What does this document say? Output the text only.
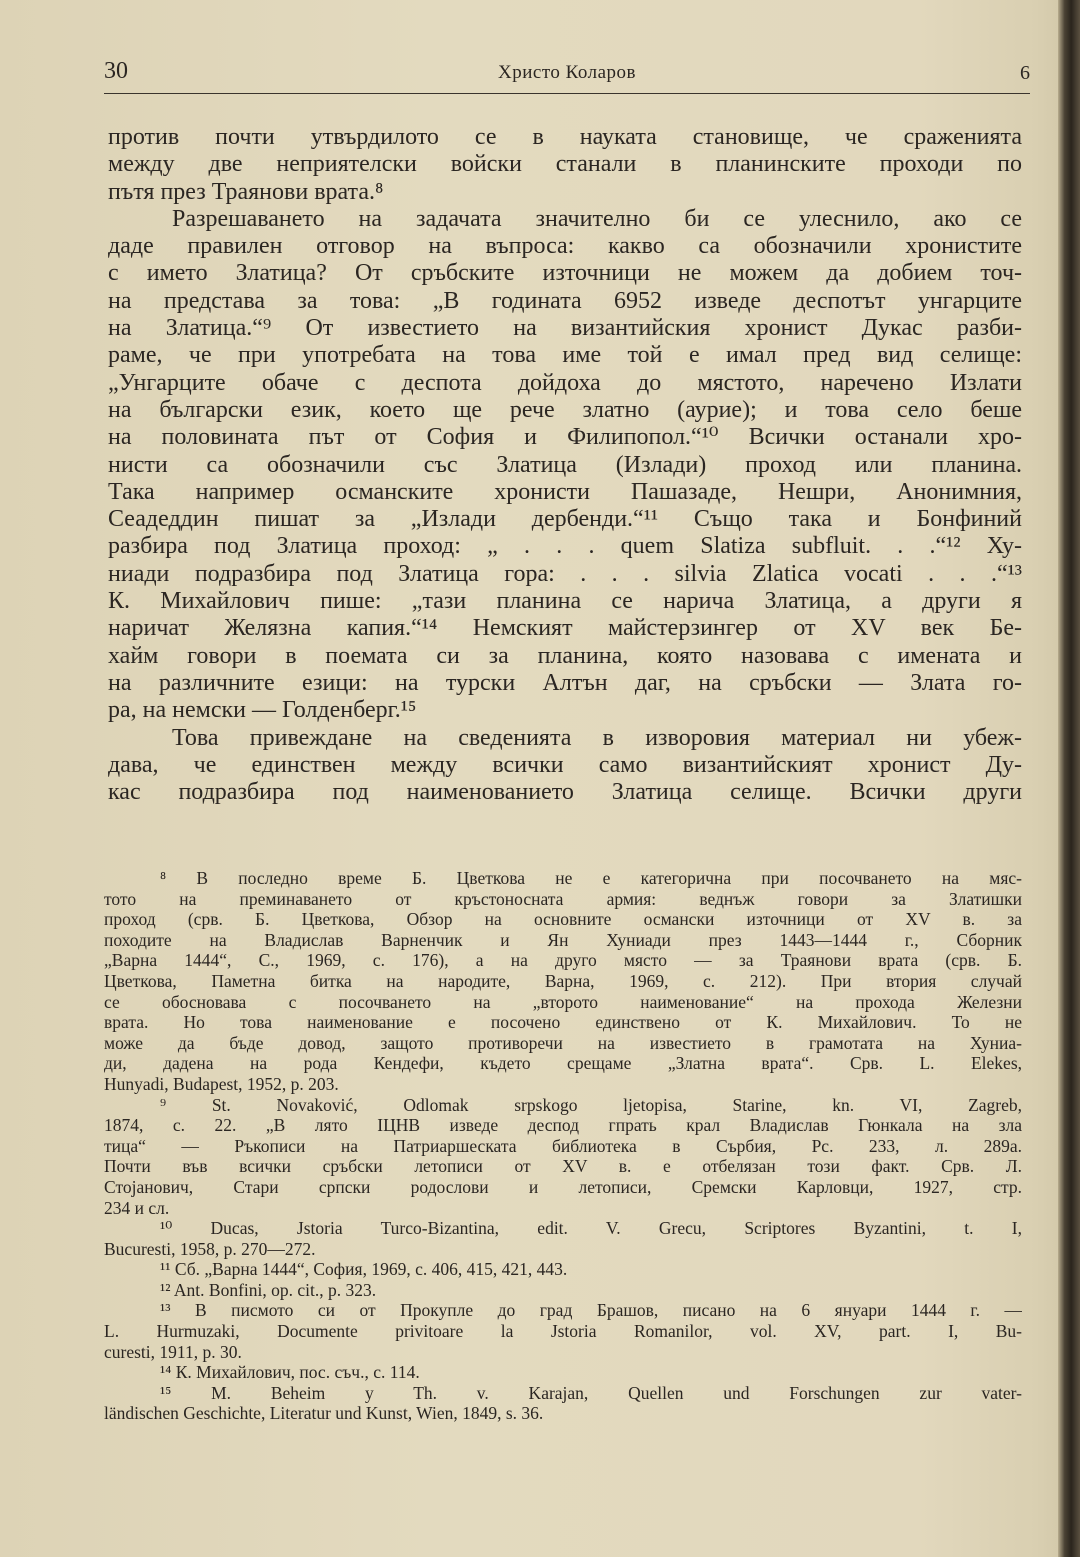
30	Христо Коларов	6
против почти утвърдилото се в науката становище, че сраженията
между две неприятелски войски станали в планинските проходи по
пътя през Траянови врата.⁸
Разрешаването на задачата значително би се улеснило, ако се
даде правилен отговор на въпроса: какво са обозначили хронистите
с името Златица? От сръбските източници не можем да добием точ-
на представа за това: „В годината 6952 изведе деспотът унгарците
на Златица.“⁹ От известието на византийския хронист Дукас разби-
раме, че при употребата на това име той е имал пред вид селище:
„Унгарците обаче с деспота дойдоха до мястото, наречено Излати
на български език, което ще рече златно (аурие); и това село беше
на половината път от София и Филипопол.“¹⁰ Всички останали хро-
нисти са обозначили със Златица (Излади) проход или планина.
Така например османските хронисти Пашазаде, Нешри, Анонимния,
Сеадеддин пишат за „Излади дербенди.“¹¹ Също така и Бонфиний
разбира под Златица проход: „ . . . quem Slatiza subfluit. . .“¹² Ху-
ниади подразбира под Златица гора: . . . silvia Zlatica vocati . . .“¹³
К. Михайлович пише: „тази планина се нарича Златица, а други я
наричат Желязна капия.“¹⁴ Немският майстерзингер от XV век Бе-
хайм говори в поемата си за планина, която назовава с имената и
на различните езици: на турски Алтън даг, на сръбски — Злата го-
ра, на немски — Голденберг.¹⁵
Това привеждане на сведенията в изворовия материал ни убеж-
дава, че единствен между всички само византийският хронист Ду-
кас подразбира под наименованието Златица селище. Всички други
⁸ В последно време Б. Цветкова не е категорична при посочването на мяс-
тото на преминаването от кръстоносната армия: веднъж говори за Златишки
проход (срв. Б. Цветкова, Обзор на основните османски източници от XV в. за
походите на Владислав Варненчик и Ян Хуниади през 1443—1444 г., Сборник
„Варна 1444“, С., 1969, с. 176), а на друго място — за Траянови врата (срв. Б.
Цветкова, Паметна битка на народите, Варна, 1969, с. 212). При втория случай
се обосновава с посочването на „второто наименование“ на прохода Железни
врата. Но това наименование е посочено единствено от К. Михайлович. То не
може да бъде довод, защото противоречи на известието в грамотата на Хуниа-
ди, дадена на рода Кендефи, където срещаме „Златна врата“. Срв. L. Elekes,
Hunyadi, Budapest, 1952, p. 203.
⁹ St. Novaković, Odlomak srpskogo ljetopisa, Starine, kn. VI, Zagreb,
1874, с. 22. „В лято ІЦНВ изведе деспод гпрать крал Владислав Гюнкала на зла
тица“ — Ръкописи на Патриаршеската библиотека в Сърбия, Рс. 233, л. 289а.
Почти във всички сръбски летописи от XV в. е отбелязан този факт. Срв. Л.
Стоjанович, Стари српски родослови и летописи, Сремски Карловци, 1927, стр.
234 и сл.
¹⁰ Ducas, Jstoria Turco-Bizantina, edit. V. Grecu, Scriptores Byzantini, t. I,
Bucuresti, 1958, p. 270—272.
¹¹ Сб. „Варна 1444“, София, 1969, с. 406, 415, 421, 443.
¹² Ant. Bonfini, op. cit., p. 323.
¹³ В писмото си от Прокупле до град Брашов, писано на 6 януари 1444 г. —
L. Hurmuzaki, Documente privitoare la Jstoria Romanilor, vol. XV, part. I, Bu-
curesti, 1911, p. 30.
¹⁴ К. Михайлович, пос. съч., с. 114.
¹⁵ M. Beheim y Th. v. Karajan, Quellen und Forschungen zur vater-
ländischen Geschichte, Literatur und Kunst, Wien, 1849, s. 36.
